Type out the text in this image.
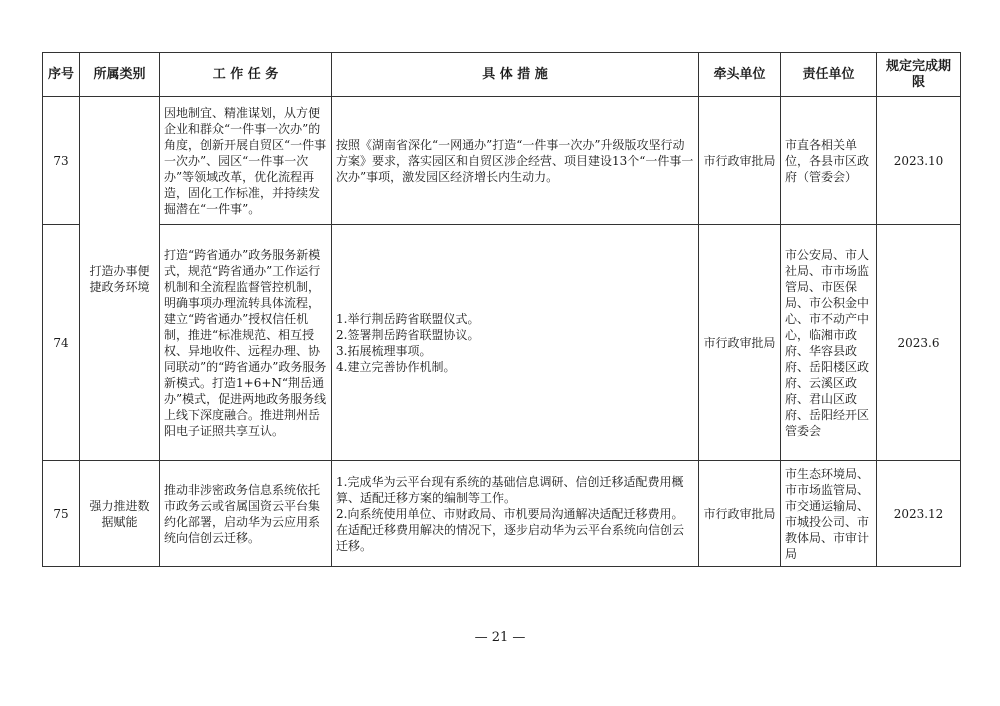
序号	所属类别	工 作 任 务	具 体 措 施	牵头单位	责任单位	规定完成期限
73	打造办事便捷政务环境	因地制宜、精准谋划，从方便企业和群众“一件事一次办”的角度，创新开展自贸区“一件事一次办”、园区“一件事一次办”等领域改革，优化流程再造，固化工作标准，并持续发掘潜在“一件事”。	按照《湖南省深化“一网通办”打造“一件事一次办”升级版攻坚行动方案》要求，落实园区和自贸区涉企经营、项目建设13个“一件事一次办”事项，激发园区经济增长内生动力。	市行政审批局	市直各相关单位，各县市区政府（管委会）	2023.10
74		打造“跨省通办”政务服务新模式，规范“跨省通办”工作运行机制和全流程监督管控机制，明确事项办理流转具体流程，建立“跨省通办”授权信任机制，推进“标准规范、相互授权、异地收件、远程办理、协同联动”的“跨省通办”政务服务新模式。打造1+6+N“荆岳通办”模式，促进两地政务服务线上线下深度融合。推进荆州岳阳电子证照共享互认。	1.举行荆岳跨省联盟仪式。
2.签署荆岳跨省联盟协议。
3.拓展梳理事项。
4.建立完善协作机制。	市行政审批局	市公安局、市人社局、市市场监管局、市医保局、市公积金中心、市不动产中心，临湘市政府、华容县政府、岳阳楼区政府、云溪区政府、君山区政府、岳阳经开区管委会	2023.6
75	强力推进数据赋能	推动非涉密政务信息系统依托市政务云或省属国资云平台集约化部署，启动华为云应用系统向信创云迁移。	1.完成华为云平台现有系统的基础信息调研、信创迁移适配费用概算、适配迁移方案的编制等工作。
2.向系统使用单位、市财政局、市机要局沟通解决适配迁移费用。在适配迁移费用解决的情况下，逐步启动华为云平台系统向信创云迁移。	市行政审批局	市生态环境局、市市场监管局、市交通运输局、市城投公司、市教体局、市审计局	2023.12
— 21 —
